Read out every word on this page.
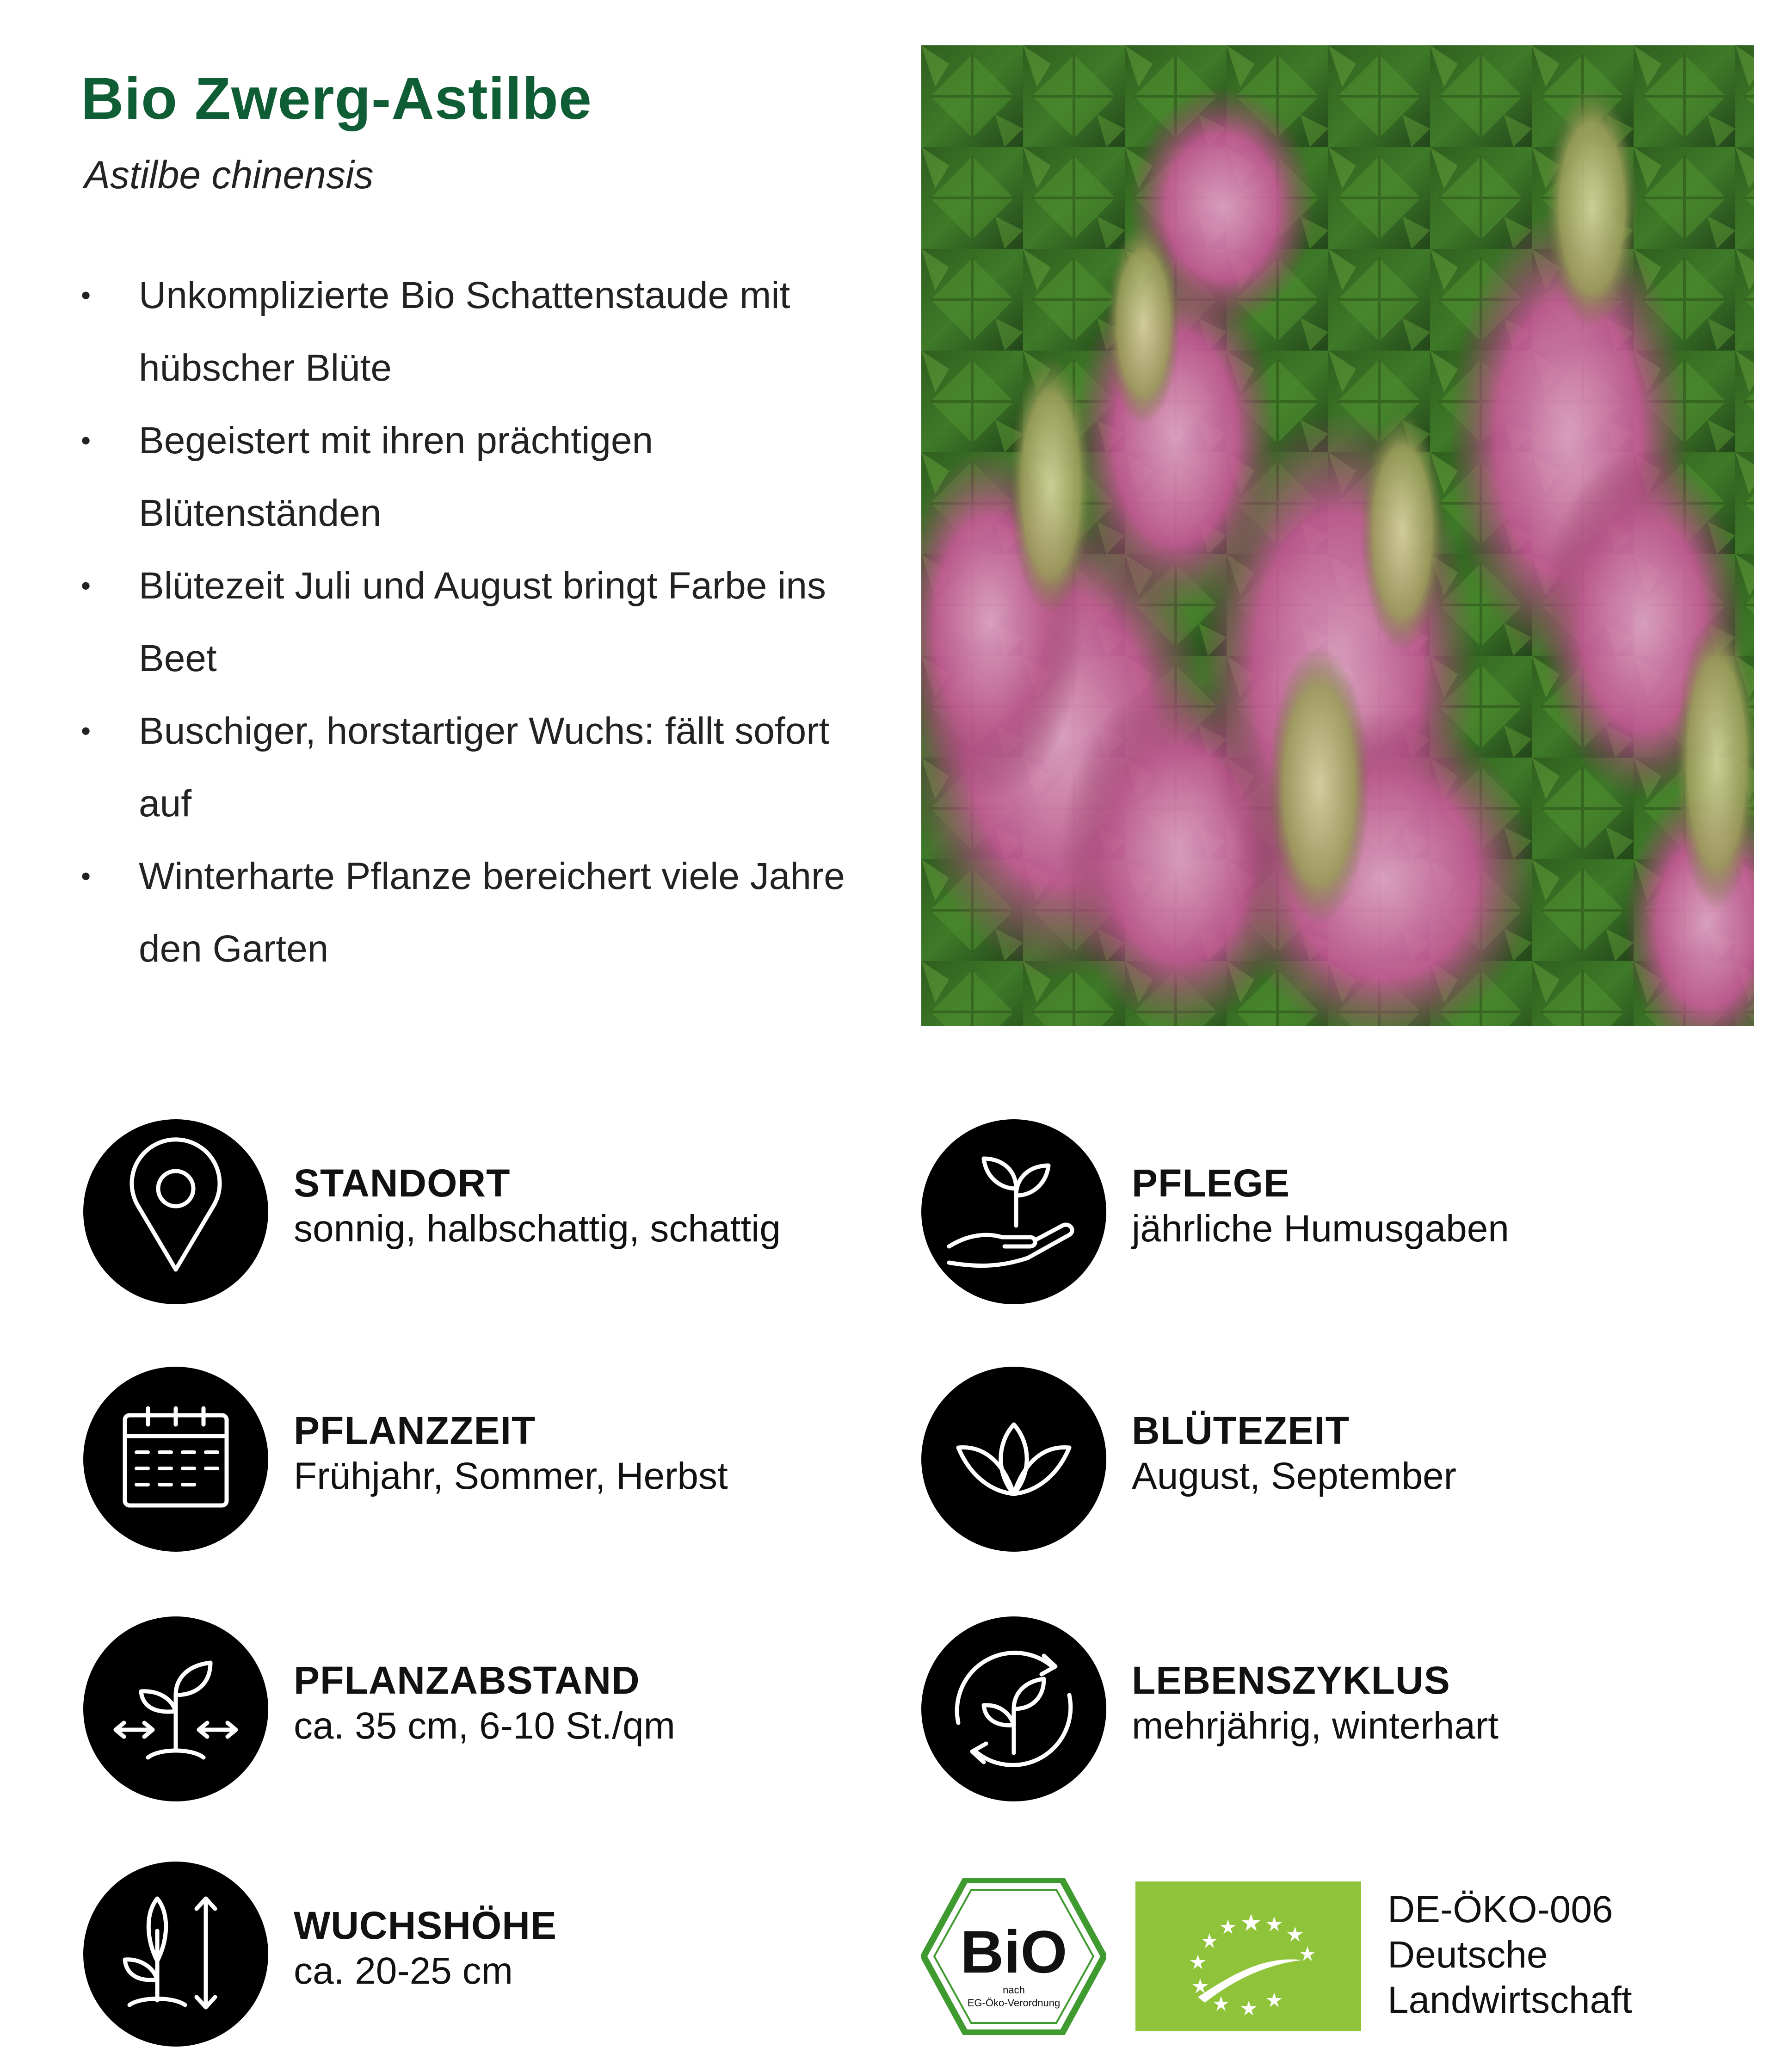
Bio Zwerg-Astilbe

Astilbe chinensis

• Unkomplizierte Bio Schattenstaude mit hübscher Blüte
• Begeistert mit ihren prächtigen Blütenständen
• Blütezeit Juli und August bringt Farbe ins Beet
• Buschiger, horstartiger Wuchs: fällt sofort auf
• Winterharte Pflanze bereichert viele Jahre den Garten
STANDORT
sonnig, halbschattig, schattig
PFLEGE
jährliche Humusgaben
PFLANZZEIT
Frühjahr, Sommer, Herbst
BLÜTEZEIT
August, September
PFLANZABSTAND
ca. 35 cm, 6-10 St./qm
LEBENSZYKLUS
mehrjährig, winterhart
WUCHSHÖHE
ca. 20-25 cm	BiO
nach
EG-Öko-Verordnung
DE-ÖKO-006
Deutsche
Landwirtschaft
